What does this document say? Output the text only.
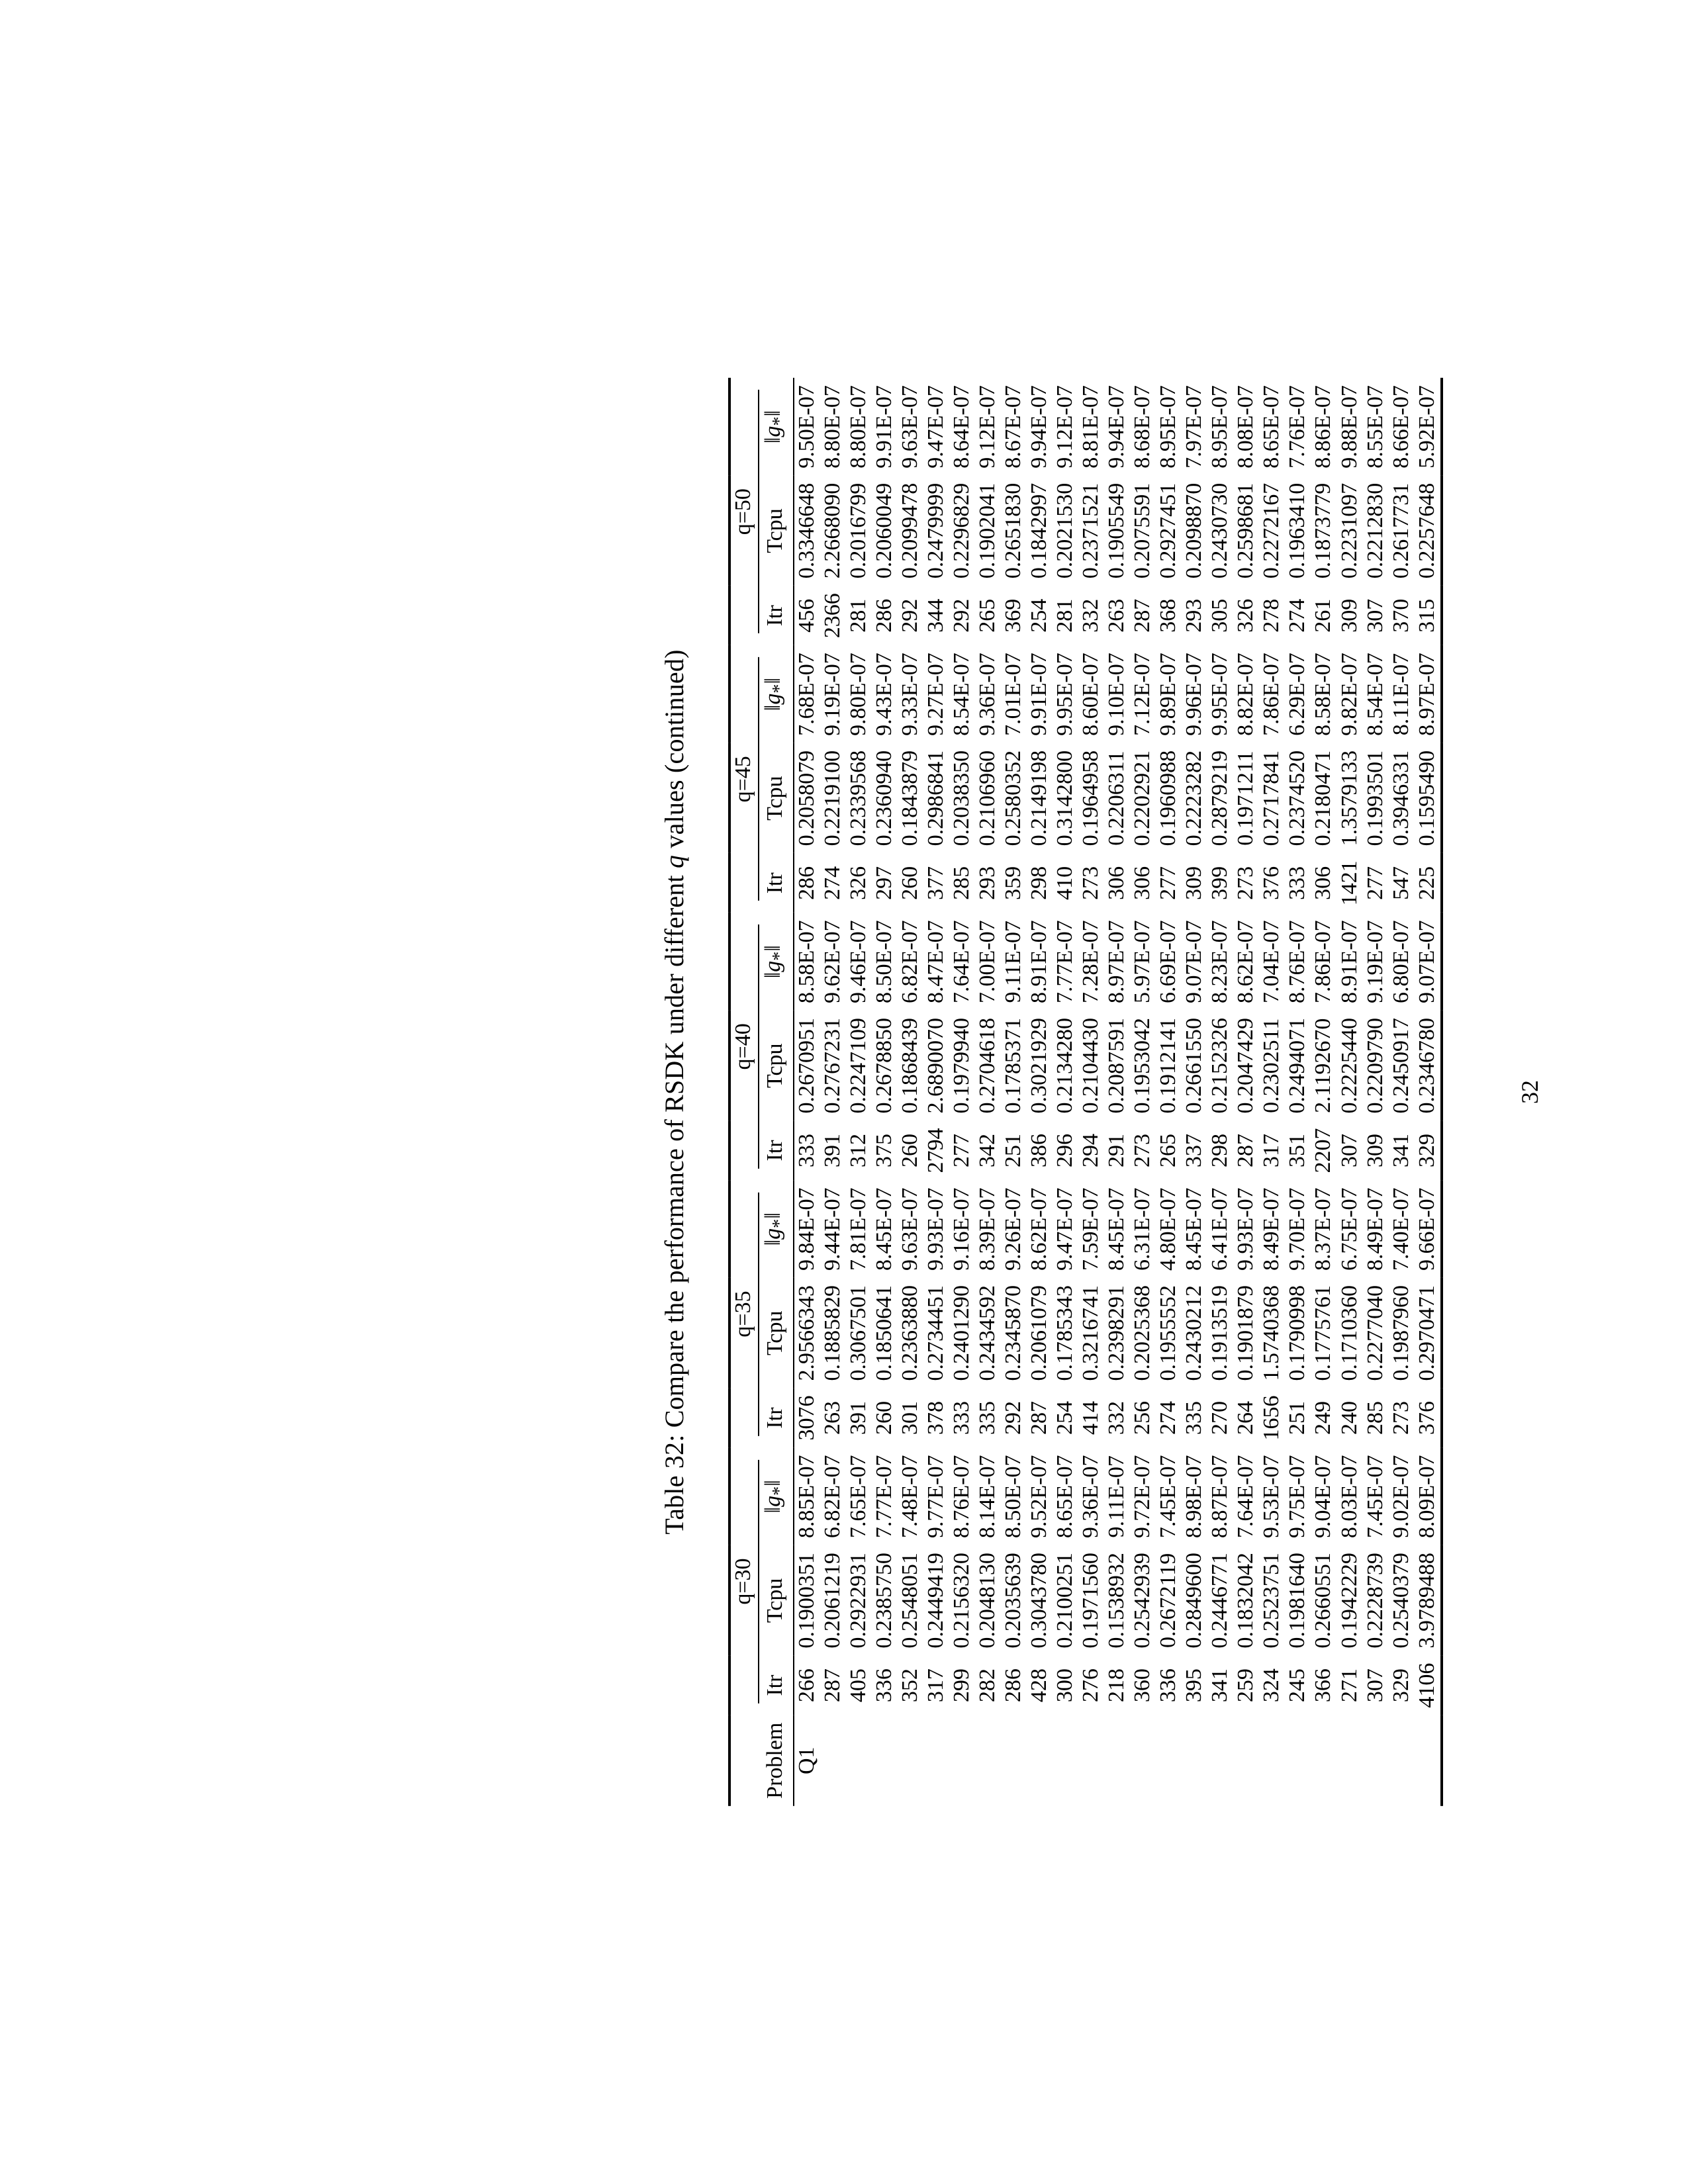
Table 32: Compare the performance of RSDK under different q values (continued)

	q=30			q=35			q=40			q=45			q=50		

Problem	Itr	Tcpu	$‖g_*‖$		Itr	Tcpu	$‖g_*‖$		Itr	Tcpu	$‖g_*‖$		Itr	Tcpu	$‖g_*‖$		Itr	Tcpu	$‖g_*‖$
Q1	266	0.1900351	8.85E-07		3076	2.9566343	9.84E-07		333	0.2670951	8.58E-07		286	0.2058079	7.68E-07		456	0.3346648	9.50E-07
	287	0.2061219	6.82E-07		263	0.1885829	9.44E-07		391	0.2767231	9.62E-07		274	0.2219100	9.19E-07		2366	2.2668090	8.80E-07
	405	0.2922931	7.65E-07		391	0.3067501	7.81E-07		312	0.2247109	9.46E-07		326	0.2339568	9.80E-07		281	0.2016799	8.80E-07
	336	0.2385750	7.77E-07		260	0.1850641	8.45E-07		375	0.2678850	8.50E-07		297	0.2360940	9.43E-07		286	0.2060049	9.91E-07
	352	0.2548051	7.48E-07		301	0.2363880	9.63E-07		260	0.1868439	6.82E-07		260	0.1843879	9.33E-07		292	0.2099478	9.63E-07
	317	0.2449419	9.77E-07		378	0.2734451	9.93E-07		2794	2.6890070	8.47E-07		377	0.2986841	9.27E-07		344	0.2479999	9.47E-07
	299	0.2156320	8.76E-07		333	0.2401290	9.16E-07		277	0.1979940	7.64E-07		285	0.2038350	8.54E-07		292	0.2296829	8.64E-07
	282	0.2048130	8.14E-07		335	0.2434592	8.39E-07		342	0.2704618	7.00E-07		293	0.2106960	9.36E-07		265	0.1902041	9.12E-07
	286	0.2035639	8.50E-07		292	0.2345870	9.26E-07		251	0.1785371	9.11E-07		359	0.2580352	7.01E-07		369	0.2651830	8.67E-07
	428	0.3043780	9.52E-07		287	0.2061079	8.62E-07		386	0.3021929	8.91E-07		298	0.2149198	9.91E-07		254	0.1842997	9.94E-07
	300	0.2100251	8.65E-07		254	0.1785343	9.47E-07		296	0.2134280	7.77E-07		410	0.3142800	9.95E-07		281	0.2021530	9.12E-07
	276	0.1971560	9.36E-07		414	0.3216741	7.59E-07		294	0.2104430	7.28E-07		273	0.1964958	8.60E-07		332	0.2371521	8.81E-07
	218	0.1538932	9.11E-07		332	0.2398291	8.45E-07		291	0.2087591	8.97E-07		306	0.2206311	9.10E-07		263	0.1905549	9.94E-07
	360	0.2542939	9.72E-07		256	0.2025368	6.31E-07		273	0.1953042	5.97E-07		306	0.2202921	7.12E-07		287	0.2075591	8.68E-07
	336	0.2672119	7.45E-07		274	0.1955552	4.80E-07		265	0.1912141	6.69E-07		277	0.1960988	9.89E-07		368	0.2927451	8.95E-07
	395	0.2849600	8.98E-07		335	0.2430212	8.45E-07		337	0.2661550	9.07E-07		309	0.2223282	9.96E-07		293	0.2098870	7.97E-07
	341	0.2446771	8.87E-07		270	0.1913519	6.41E-07		298	0.2152326	8.23E-07		399	0.2879219	9.95E-07		305	0.2430730	8.95E-07
	259	0.1832042	7.64E-07		264	0.1901879	9.93E-07		287	0.2047429	8.62E-07		273	0.1971211	8.82E-07		326	0.2598681	8.08E-07
	324	0.2523751	9.53E-07		1656	1.5740368	8.49E-07		317	0.2302511	7.04E-07		376	0.2717841	7.86E-07		278	0.2272167	8.65E-07
	245	0.1981640	9.75E-07		251	0.1790998	9.70E-07		351	0.2494071	8.76E-07		333	0.2374520	6.29E-07		274	0.1963410	7.76E-07
	366	0.2660551	9.04E-07		249	0.1775761	8.37E-07		2207	2.1192670	7.86E-07		306	0.2180471	8.58E-07		261	0.1873779	8.86E-07
	271	0.1942229	8.03E-07		240	0.1710360	6.75E-07		307	0.2225440	8.91E-07		1421	1.3579133	9.82E-07		309	0.2231097	9.88E-07
	307	0.2228739	7.45E-07		285	0.2277040	8.49E-07		309	0.2209790	9.19E-07		277	0.1993501	8.54E-07		307	0.2212830	8.55E-07
	329	0.2540379	9.02E-07		273	0.1987960	7.40E-07		341	0.2450917	6.80E-07		547	0.3946331	8.11E-07		370	0.2617731	8.66E-07
	4106	3.9789488	8.09E-07		376	0.2970471	9.66E-07		329	0.2346780	9.07E-07		225	0.1595490	8.97E-07		315	0.2257648	5.92E-07
32
